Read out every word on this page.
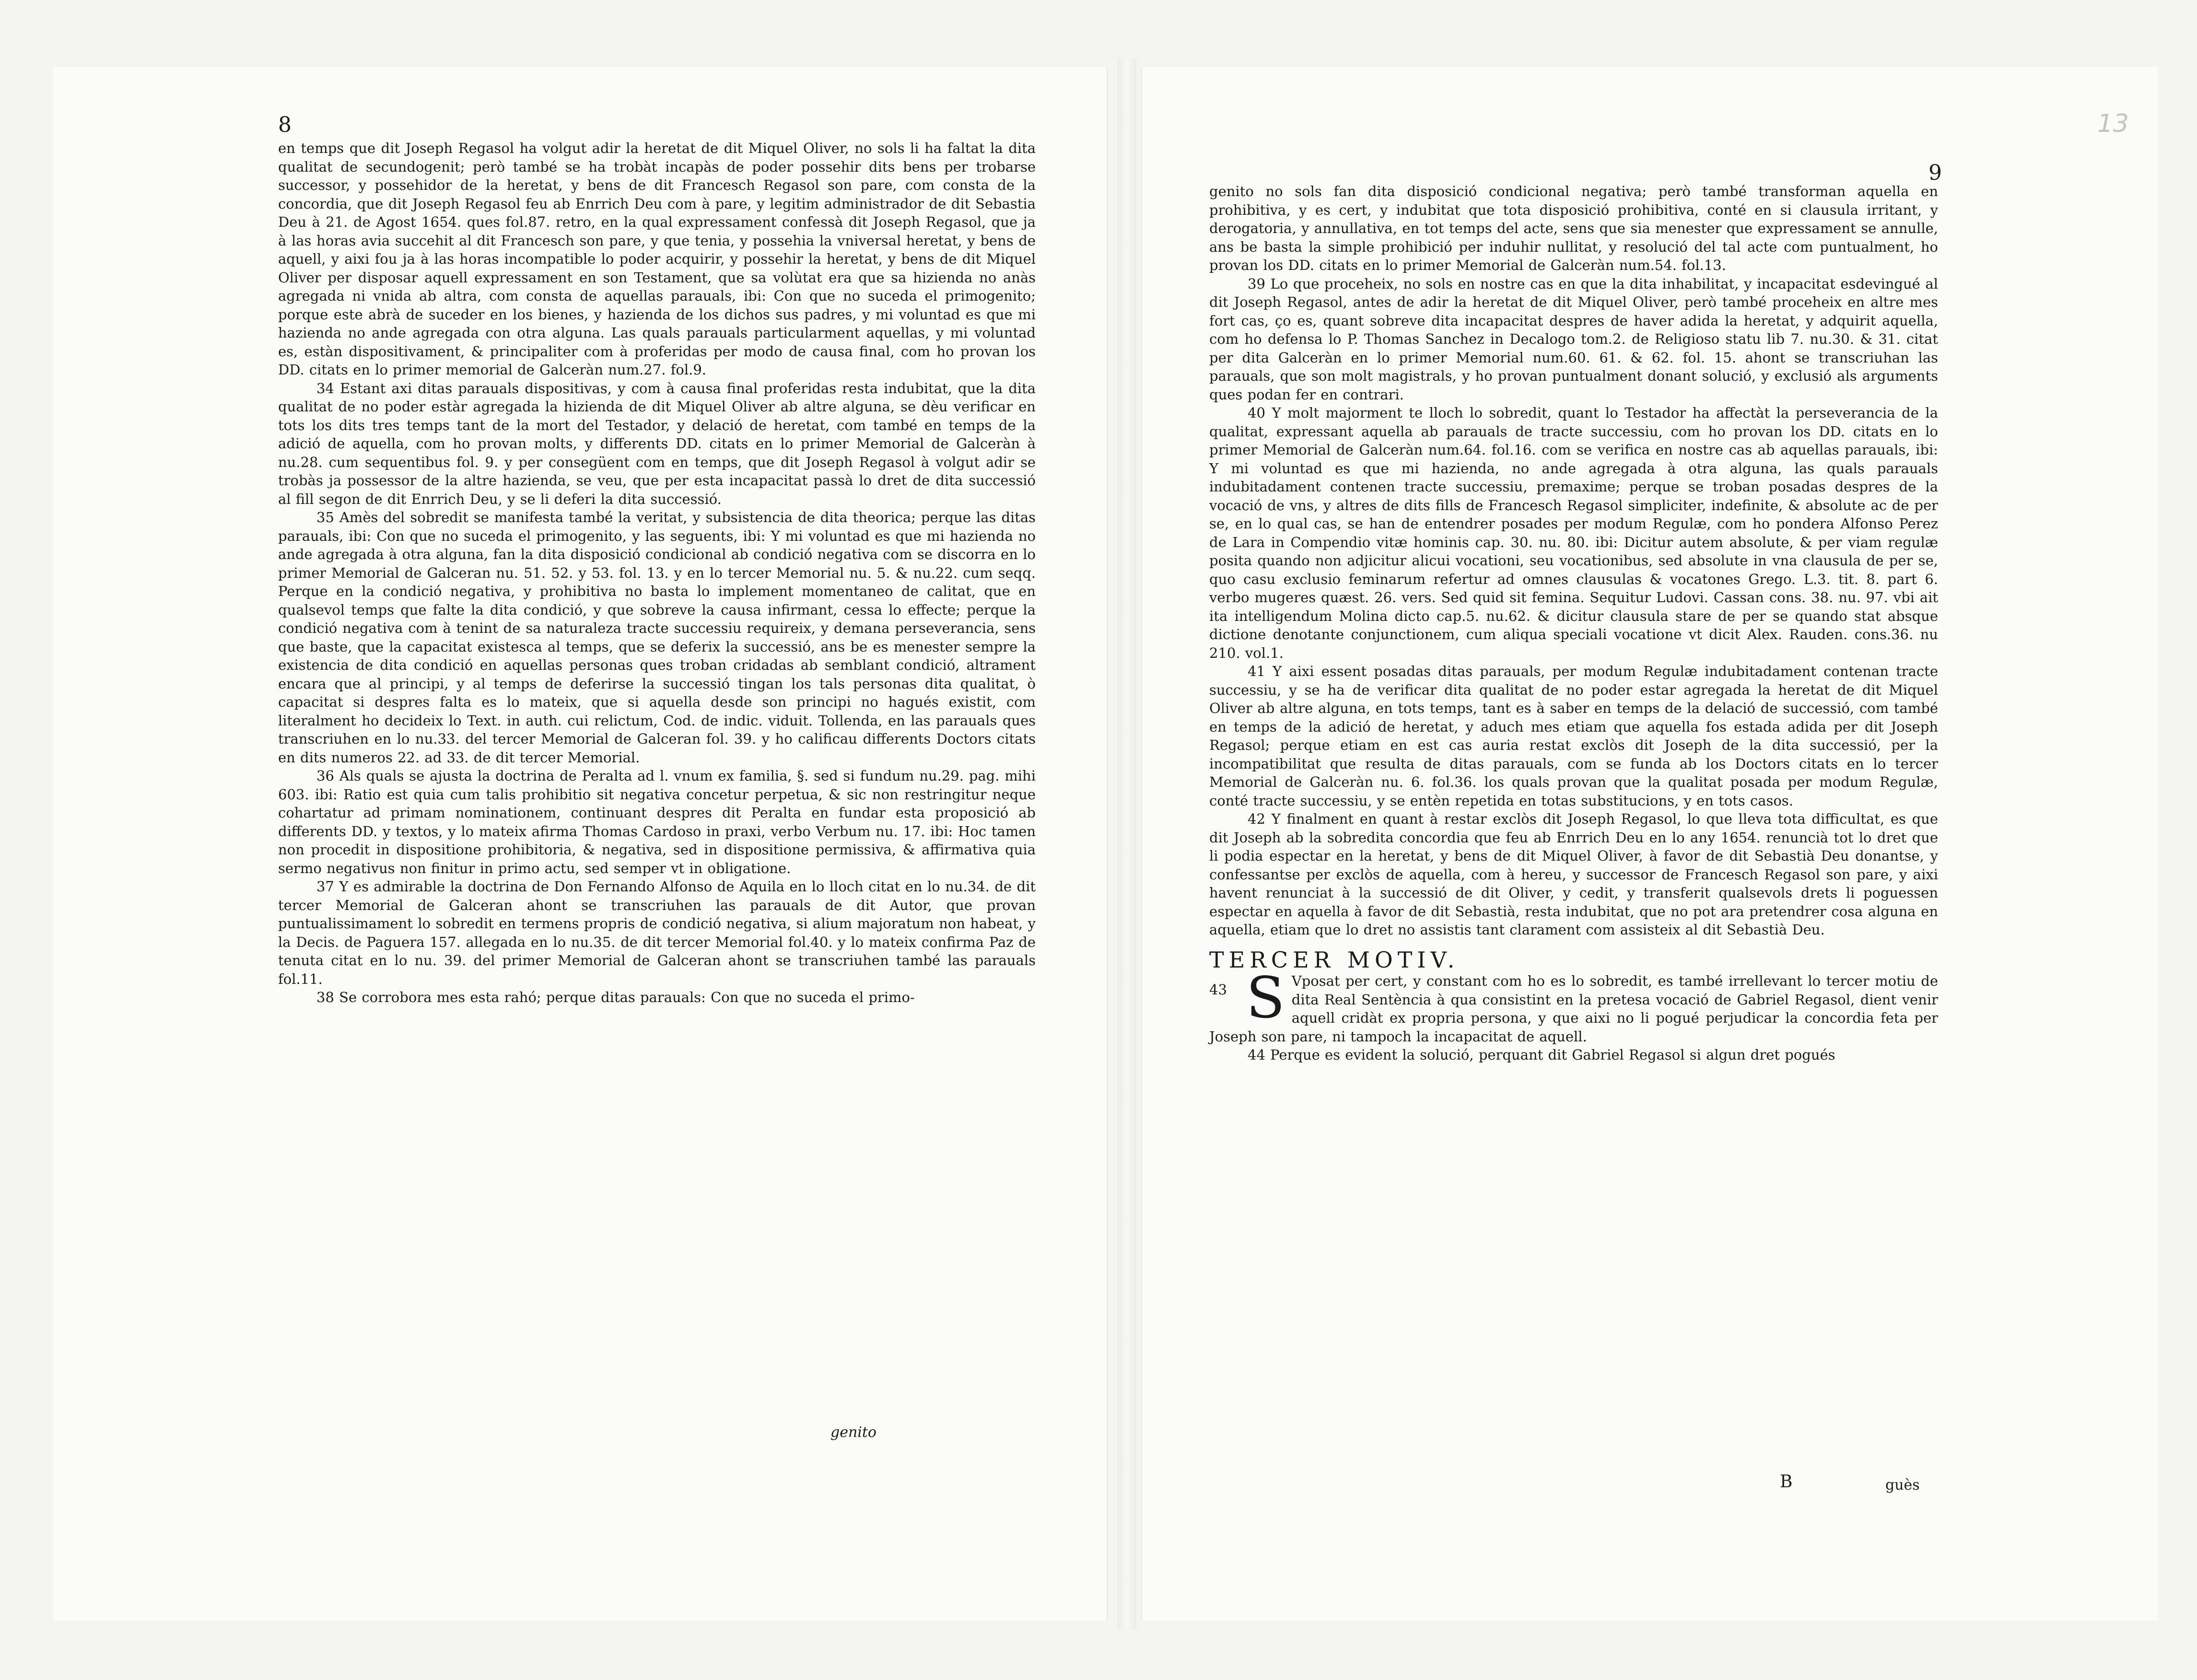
8

en temps que dit Joseph Regasol ha volgut adir la heretat de dit Miquel Oliver, no sols li ha faltat la dita qualitat de secundogenit; però també se ha trobàt incapàs de poder possehir dits bens per trobarse successor, y possehidor de la heretat, y bens de dit Francesch Regasol son pare, com consta de la concordia, que dit Joseph Regasol feu ab Enrrich Deu com à pare, y legitim administrador de dit Sebastia Deu à 21. de Agost 1654. ques fol.87. retro, en la qual expressament confessà dit Joseph Regasol, que ja à las horas avia succehit al dit Francesch son pare, y que tenia, y possehia la vniversal heretat, y bens de aquell, y aixi fou ja à las horas incompatible lo poder acquirir, y possehir la heretat, y bens de dit Miquel Oliver per disposar aquell expressament en son Testament, que sa volùtat era que sa hizienda no anàs agregada ni vnida ab altra, com consta de aquellas parauals, ibi: Con que no suceda el primogenito; porque este abrà de suceder en los bienes, y hazienda de los dichos sus padres, y mi voluntad es que mi hazienda no ande agregada con otra alguna. Las quals parauals particularment aquellas, y mi voluntad es, estàn dispositivament, & principaliter com à proferidas per modo de causa final, com ho provan los DD. citats en lo primer memorial de Galceràn num.27. fol.9.

34 Estant axi ditas parauals dispositivas, y com à causa final proferidas resta indubitat, que la dita qualitat de no poder estàr agregada la hizienda de dit Miquel Oliver ab altre alguna, se dèu verificar en tots los dits tres temps tant de la mort del Testador, y delació de heretat, com també en temps de la adició de aquella, com ho provan molts, y differents DD. citats en lo primer Memorial de Galceràn à nu.28. cum sequentibus fol. 9. y per consegüent com en temps, que dit Joseph Regasol à volgut adir se trobàs ja possessor de la altre hazienda, se veu, que per esta incapacitat passà lo dret de dita successió al fill segon de dit Enrrich Deu, y se li deferi la dita successió.

35 Amès del sobredit se manifesta també la veritat, y subsistencia de dita theorica; perque las ditas parauals, ibi: Con que no suceda el primogenito, y las seguents, ibi: Y mi voluntad es que mi hazienda no ande agregada à otra alguna, fan la dita disposició condicional ab condició negativa com se discorra en lo primer Memorial de Galceran nu. 51. 52. y 53. fol. 13. y en lo tercer Memorial nu. 5. & nu.22. cum seqq. Perque en la condició negativa, y prohibitiva no basta lo implement momentaneo de calitat, que en qualsevol temps que falte la dita condició, y que sobreve la causa infirmant, cessa lo effecte; perque la condició negativa com à tenint de sa naturaleza tracte successiu requireix, y demana perseverancia, sens que baste, que la capacitat existesca al temps, que se deferix la successió, ans be es menester sempre la existencia de dita condició en aquellas personas ques troban cridadas ab semblant condició, altrament encara que al principi, y al temps de deferirse la successió tingan los tals personas dita qualitat, ò capacitat si despres falta es lo mateix, que si aquella desde son principi no hagués existit, com literalment ho decideix lo Text. in auth. cui relictum, Cod. de indic. viduit. Tollenda, en las parauals ques transcriuhen en lo nu.33. del tercer Memorial de Galceran fol. 39. y ho calificau differents Doctors citats en dits numeros 22. ad 33. de dit tercer Memorial.

36 Als quals se ajusta la doctrina de Peralta ad l. vnum ex familia, §. sed si fundum nu.29. pag. mihi 603. ibi: Ratio est quia cum talis prohibitio sit negativa concetur perpetua, & sic non restringitur neque cohartatur ad primam nominationem, continuant despres dit Peralta en fundar esta proposició ab differents DD. y textos, y lo mateix afirma Thomas Cardoso in praxi, verbo Verbum nu. 17. ibi: Hoc tamen non procedit in dispositione prohibitoria, & negativa, sed in dispositione permissiva, & affirmativa quia sermo negativus non finitur in primo actu, sed semper vt in obligatione.

37 Y es admirable la doctrina de Don Fernando Alfonso de Aquila en lo lloch citat en lo nu.34. de dit tercer Memorial de Galceran ahont se transcriuhen las parauals de dit Autor, que provan puntualissimament lo sobredit en termens propris de condició negativa, si alium majoratum non habeat, y la Decis. de Paguera 157. allegada en lo nu.35. de dit tercer Memorial fol.40. y lo mateix confirma Paz de tenuta citat en lo nu. 39. del primer Memorial de Galceran ahont se transcriuhen també las parauals fol.11.

38 Se corrobora mes esta rahó; perque ditas parauals: Con que no suceda el primo-

genito
13
9

genito no sols fan dita disposició condicional negativa; però també transforman aquella en prohibitiva, y es cert, y indubitat que tota disposició prohibitiva, conté en si clausula irritant, y derogatoria, y annullativa, en tot temps del acte, sens que sia menester que expressament se annulle, ans be basta la simple prohibició per induhir nullitat, y resolució del tal acte com puntualment, ho provan los DD. citats en lo primer Memorial de Galceràn num.54. fol.13.

39 Lo que proceheix, no sols en nostre cas en que la dita inhabilitat, y incapacitat esdevingué al dit Joseph Regasol, antes de adir la heretat de dit Miquel Oliver, però també proceheix en altre mes fort cas, ço es, quant sobreve dita incapacitat despres de haver adida la heretat, y adquirit aquella, com ho defensa lo P. Thomas Sanchez in Decalogo tom.2. de Religioso statu lib 7. nu.30. & 31. citat per dita Galceràn en lo primer Memorial num.60. 61. & 62. fol. 15. ahont se transcriuhan las parauals, que son molt magistrals, y ho provan puntualment donant solució, y exclusió als arguments ques podan fer en contrari.

40 Y molt majorment te lloch lo sobredit, quant lo Testador ha affectàt la perseverancia de la qualitat, expressant aquella ab parauals de tracte successiu, com ho provan los DD. citats en lo primer Memorial de Galceràn num.64. fol.16. com se verifica en nostre cas ab aquellas parauals, ibi: Y mi voluntad es que mi hazienda, no ande agregada à otra alguna, las quals parauals indubitadament contenen tracte successiu, premaxime; perque se troban posadas despres de la vocació de vns, y altres de dits fills de Francesch Regasol simpliciter, indefinite, & absolute ac de per se, en lo qual cas, se han de entendrer posades per modum Regulæ, com ho pondera Alfonso Perez de Lara in Compendio vitæ hominis cap. 30. nu. 80. ibi: Dicitur autem absolute, & per viam regulæ posita quando non adjicitur alicui vocationi, seu vocationibus, sed absolute in vna clausula de per se, quo casu exclusio feminarum refertur ad omnes clausulas & vocatones Grego. L.3. tit. 8. part 6. verbo mugeres quæst. 26. vers. Sed quid sit femina. Sequitur Ludovi. Cassan cons. 38. nu. 97. vbi ait ita intelligendum Molina dicto cap.5. nu.62. & dicitur clausula stare de per se quando stat absque dictione denotante conjunctionem, cum aliqua speciali vocatione vt dicit Alex. Rauden. cons.36. nu 210. vol.1.

41 Y aixi essent posadas ditas parauals, per modum Regulæ indubitadament contenan tracte successiu, y se ha de verificar dita qualitat de no poder estar agregada la heretat de dit Miquel Oliver ab altre alguna, en tots temps, tant es à saber en temps de la delació de successió, com també en temps de la adició de heretat, y aduch mes etiam que aquella fos estada adida per dit Joseph Regasol; perque etiam en est cas auria restat exclòs dit Joseph de la dita successió, per la incompatibilitat que resulta de ditas parauals, com se funda ab los Doctors citats en lo tercer Memorial de Galceràn nu. 6. fol.36. los quals provan que la qualitat posada per modum Regulæ, conté tracte successiu, y se entèn repetida en totas substitucions, y en tots casos.

42 Y finalment en quant à restar exclòs dit Joseph Regasol, lo que lleva tota difficultat, es que dit Joseph ab la sobredita concordia que feu ab Enrrich Deu en lo any 1654. renuncià tot lo dret que li podia espectar en la heretat, y bens de dit Miquel Oliver, à favor de dit Sebastià Deu donantse, y confessantse per exclòs de aquella, com à hereu, y successor de Francesch Regasol son pare, y aixi havent renunciat à la successió de dit Oliver, y cedit, y transferit qualsevols drets li poguessen espectar en aquella à favor de dit Sebastià, resta indubitat, que no pot ara pretendrer cosa alguna en aquella, etiam que lo dret no assistis tant clarament com assisteix al dit Sebastià Deu.

TERCER MOTIV.

43 S Vposat per cert, y constant com ho es lo sobredit, es també irrellevant lo tercer motiu de dita Real Sentència à qua consistint en la pretesa vocació de Gabriel Regasol, dient venir aquell cridàt ex propria persona, y que aixi no li pogué perjudicar la concordia feta per Joseph son pare, ni tampoch la incapacitat de aquell.

44 Perque es evident la solució, perquant dit Gabriel Regasol si algun dret pogués

B	guès
